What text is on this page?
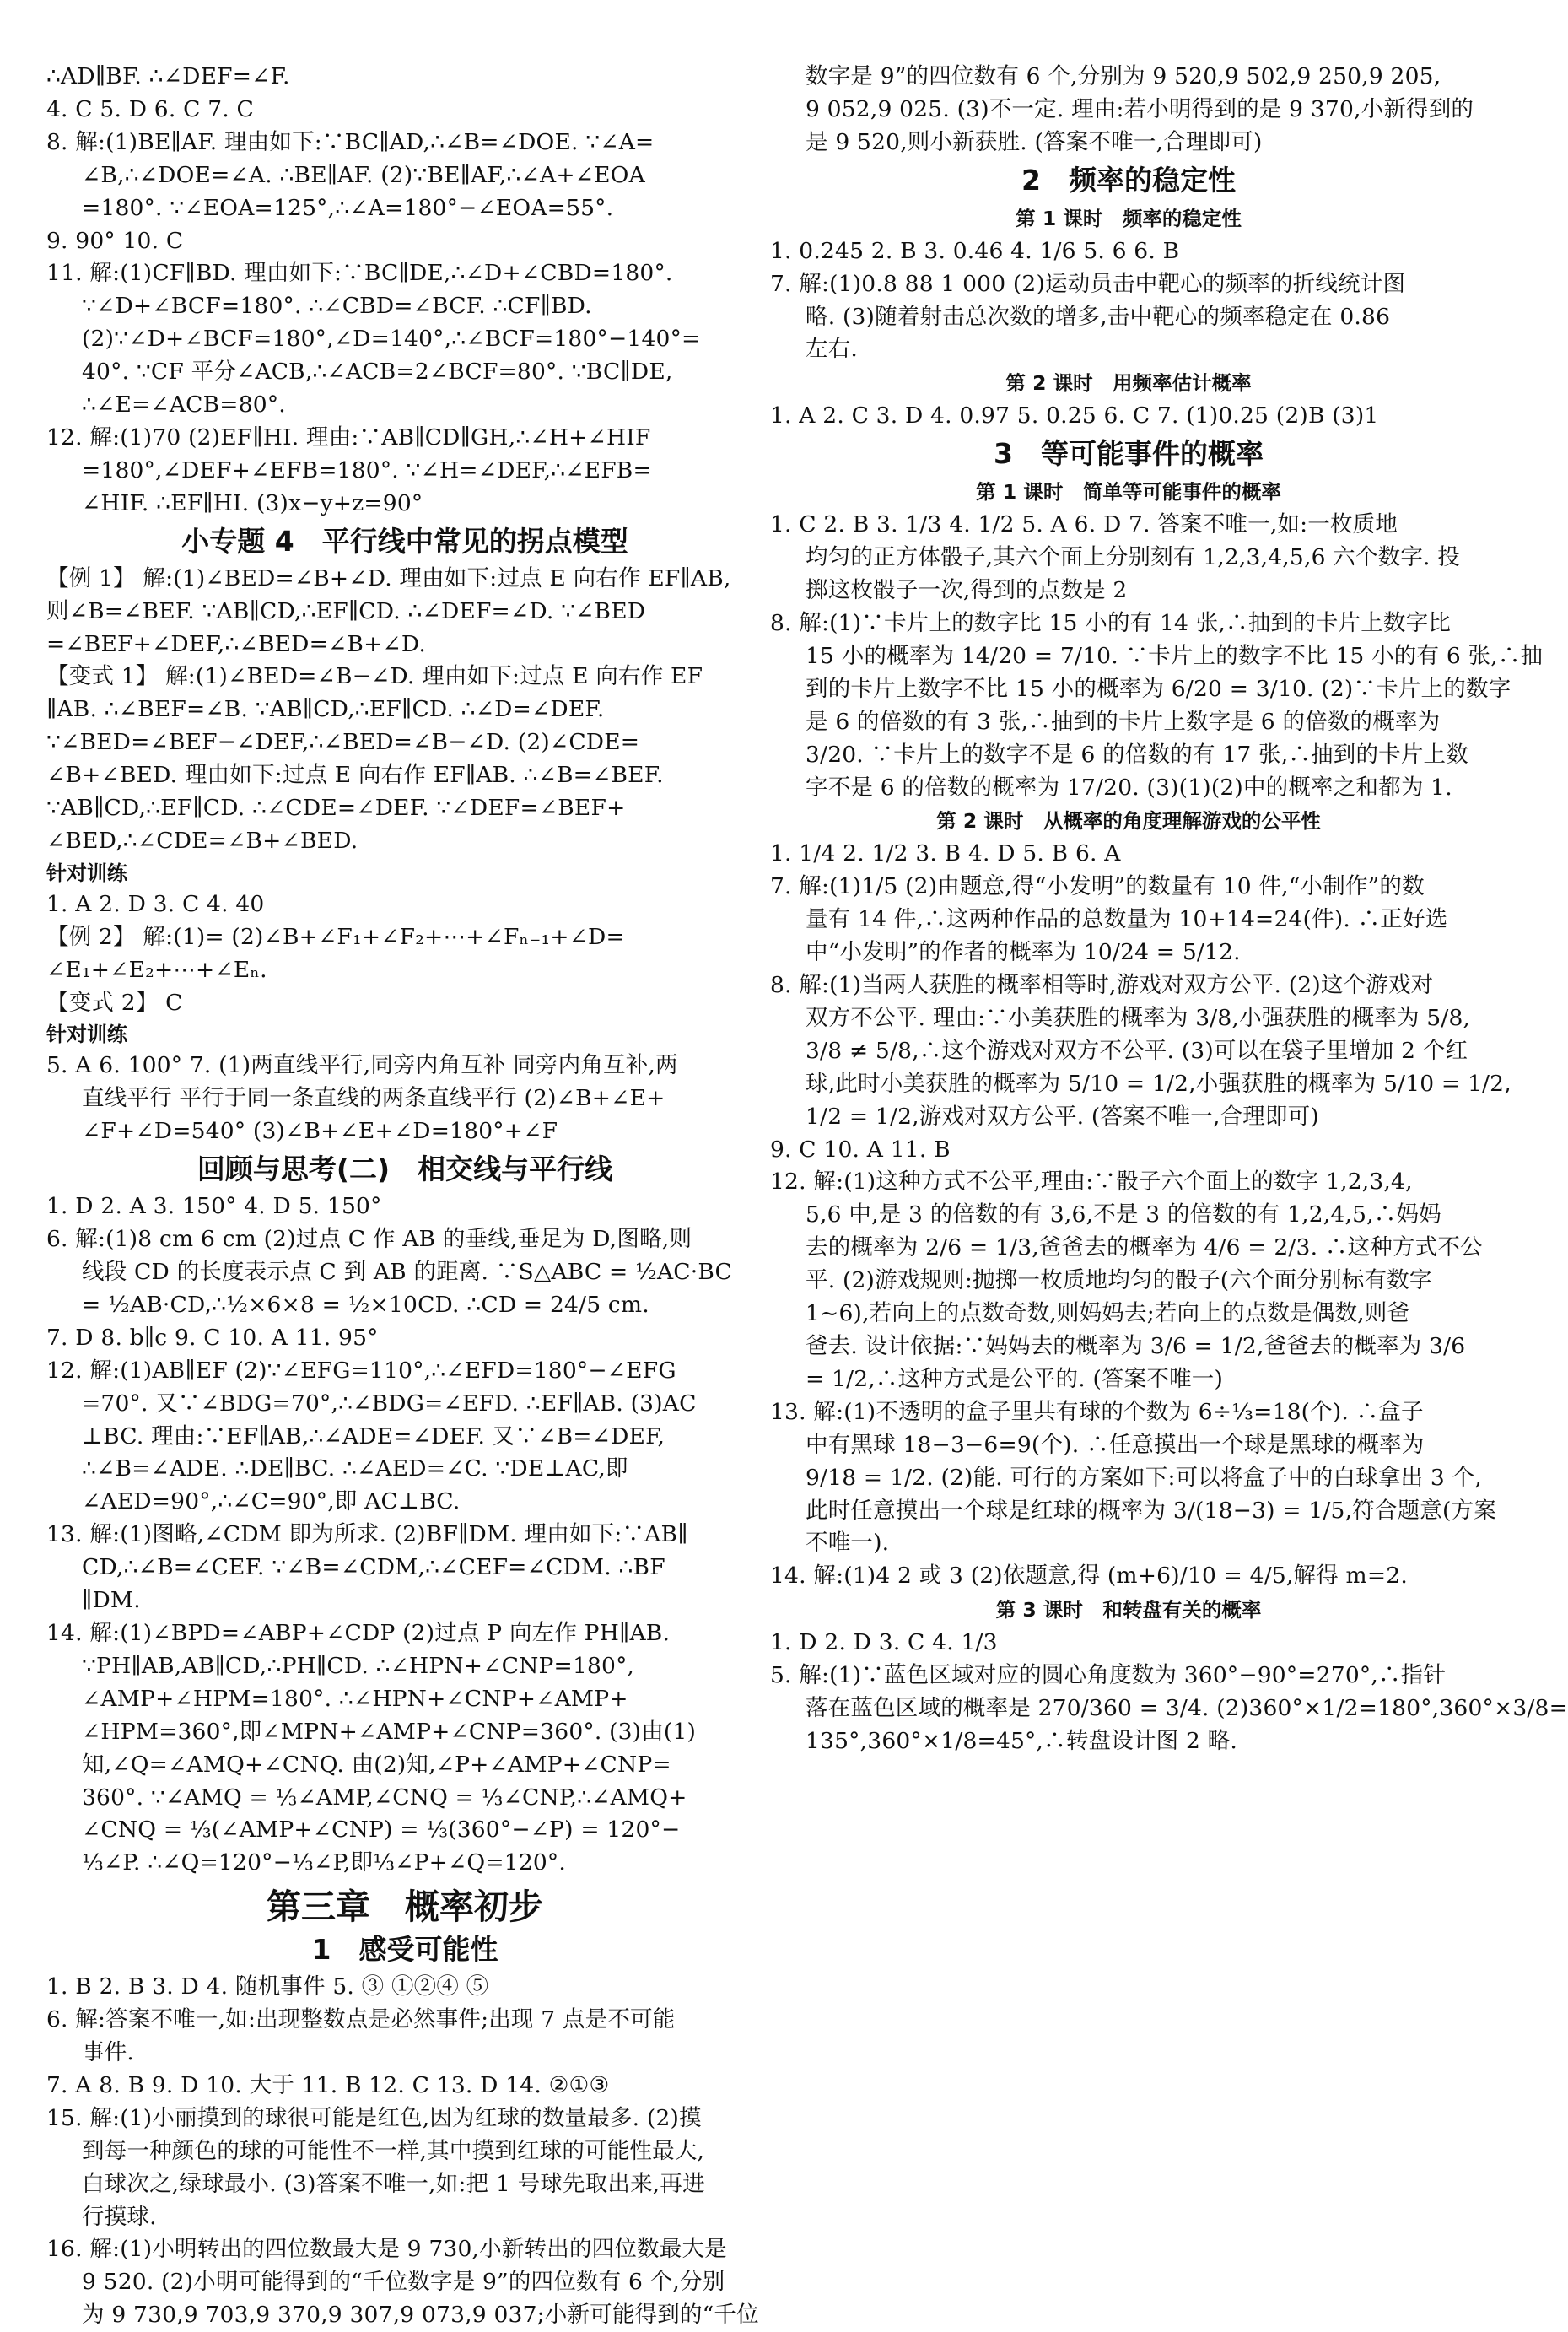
∴AD∥BF. ∴∠DEF=∠F.
4. C 5. D 6. C 7. C
8. 解:(1)BE∥AF. 理由如下:∵BC∥AD,∴∠B=∠DOE. ∵∠A=
∠B,∴∠DOE=∠A. ∴BE∥AF. (2)∵BE∥AF,∴∠A+∠EOA
=180°. ∵∠EOA=125°,∴∠A=180°−∠EOA=55°.
9. 90° 10. C
11. 解:(1)CF∥BD. 理由如下:∵BC∥DE,∴∠D+∠CBD=180°.
∵∠D+∠BCF=180°. ∴∠CBD=∠BCF. ∴CF∥BD.
(2)∵∠D+∠BCF=180°,∠D=140°,∴∠BCF=180°−140°=
40°. ∵CF 平分∠ACB,∴∠ACB=2∠BCF=80°. ∵BC∥DE,
∴∠E=∠ACB=80°.
12. 解:(1)70 (2)EF∥HI. 理由:∵AB∥CD∥GH,∴∠H+∠HIF
=180°,∠DEF+∠EFB=180°. ∵∠H=∠DEF,∴∠EFB=
∠HIF. ∴EF∥HI. (3)x−y+z=90°
小专题 4　平行线中常见的拐点模型
【例 1】 解:(1)∠BED=∠B+∠D. 理由如下:过点 E 向右作 EF∥AB,
则∠B=∠BEF. ∵AB∥CD,∴EF∥CD. ∴∠DEF=∠D. ∵∠BED
=∠BEF+∠DEF,∴∠BED=∠B+∠D.
【变式 1】 解:(1)∠BED=∠B−∠D. 理由如下:过点 E 向右作 EF
∥AB. ∴∠BEF=∠B. ∵AB∥CD,∴EF∥CD. ∴∠D=∠DEF.
∵∠BED=∠BEF−∠DEF,∴∠BED=∠B−∠D. (2)∠CDE=
∠B+∠BED. 理由如下:过点 E 向右作 EF∥AB. ∴∠B=∠BEF.
∵AB∥CD,∴EF∥CD. ∴∠CDE=∠DEF. ∵∠DEF=∠BEF+
∠BED,∴∠CDE=∠B+∠BED.
针对训练
1. A 2. D 3. C 4. 40
【例 2】 解:(1)= (2)∠B+∠F₁+∠F₂+⋯+∠Fₙ₋₁+∠D=
∠E₁+∠E₂+⋯+∠Eₙ.
【变式 2】 C
针对训练
5. A 6. 100° 7. (1)两直线平行,同旁内角互补 同旁内角互补,两
直线平行 平行于同一条直线的两条直线平行 (2)∠B+∠E+
∠F+∠D=540° (3)∠B+∠E+∠D=180°+∠F
回顾与思考(二)　相交线与平行线
1. D 2. A 3. 150° 4. D 5. 150°
6. 解:(1)8 cm 6 cm (2)过点 C 作 AB 的垂线,垂足为 D,图略,则
线段 CD 的长度表示点 C 到 AB 的距离. ∵S△ABC = ½AC·BC
= ½AB·CD,∴½×6×8 = ½×10CD. ∴CD = 24/5 cm.
7. D 8. b∥c 9. C 10. A 11. 95°
12. 解:(1)AB∥EF (2)∵∠EFG=110°,∴∠EFD=180°−∠EFG
=70°. 又∵∠BDG=70°,∴∠BDG=∠EFD. ∴EF∥AB. (3)AC
⊥BC. 理由:∵EF∥AB,∴∠ADE=∠DEF. 又∵∠B=∠DEF,
∴∠B=∠ADE. ∴DE∥BC. ∴∠AED=∠C. ∵DE⊥AC,即
∠AED=90°,∴∠C=90°,即 AC⊥BC.
13. 解:(1)图略,∠CDM 即为所求. (2)BF∥DM. 理由如下:∵AB∥
CD,∴∠B=∠CEF. ∵∠B=∠CDM,∴∠CEF=∠CDM. ∴BF
∥DM.
14. 解:(1)∠BPD=∠ABP+∠CDP (2)过点 P 向左作 PH∥AB.
∵PH∥AB,AB∥CD,∴PH∥CD. ∴∠HPN+∠CNP=180°,
∠AMP+∠HPM=180°. ∴∠HPN+∠CNP+∠AMP+
∠HPM=360°,即∠MPN+∠AMP+∠CNP=360°. (3)由(1)
知,∠Q=∠AMQ+∠CNQ. 由(2)知,∠P+∠AMP+∠CNP=
360°. ∵∠AMQ = ⅓∠AMP,∠CNQ = ⅓∠CNP,∴∠AMQ+
∠CNQ = ⅓(∠AMP+∠CNP) = ⅓(360°−∠P) = 120°−
⅓∠P. ∴∠Q=120°−⅓∠P,即⅓∠P+∠Q=120°.
第三章　概率初步
1　感受可能性
1. B 2. B 3. D 4. 随机事件 5. ③ ①②④ ⑤
6. 解:答案不唯一,如:出现整数点是必然事件;出现 7 点是不可能
事件.
7. A 8. B 9. D 10. 大于 11. B 12. C 13. D 14. ②①③
15. 解:(1)小丽摸到的球很可能是红色,因为红球的数量最多. (2)摸
到每一种颜色的球的可能性不一样,其中摸到红球的可能性最大,
白球次之,绿球最小. (3)答案不唯一,如:把 1 号球先取出来,再进
行摸球.
16. 解:(1)小明转出的四位数最大是 9 730,小新转出的四位数最大是
9 520. (2)小明可能得到的“千位数字是 9”的四位数有 6 个,分别
为 9 730,9 703,9 370,9 307,9 073,9 037;小新可能得到的“千位
数字是 9”的四位数有 6 个,分别为 9 520,9 502,9 250,9 205,
9 052,9 025. (3)不一定. 理由:若小明得到的是 9 370,小新得到的
是 9 520,则小新获胜. (答案不唯一,合理即可)
2　频率的稳定性
第 1 课时　频率的稳定性
1. 0.245 2. B 3. 0.46 4. 1/6 5. 6 6. B
7. 解:(1)0.8 88 1 000 (2)运动员击中靶心的频率的折线统计图
略. (3)随着射击总次数的增多,击中靶心的频率稳定在 0.86
左右.
第 2 课时　用频率估计概率
1. A 2. C 3. D 4. 0.97 5. 0.25 6. C 7. (1)0.25 (2)B (3)1
3　等可能事件的概率
第 1 课时　简单等可能事件的概率
1. C 2. B 3. 1/3 4. 1/2 5. A 6. D 7. 答案不唯一,如:一枚质地
均匀的正方体骰子,其六个面上分别刻有 1,2,3,4,5,6 六个数字. 投
掷这枚骰子一次,得到的点数是 2
8. 解:(1)∵卡片上的数字比 15 小的有 14 张,∴抽到的卡片上数字比
15 小的概率为 14/20 = 7/10. ∵卡片上的数字不比 15 小的有 6 张,∴抽
到的卡片上数字不比 15 小的概率为 6/20 = 3/10. (2)∵卡片上的数字
是 6 的倍数的有 3 张,∴抽到的卡片上数字是 6 的倍数的概率为
3/20. ∵卡片上的数字不是 6 的倍数的有 17 张,∴抽到的卡片上数
字不是 6 的倍数的概率为 17/20. (3)(1)(2)中的概率之和都为 1.
第 2 课时　从概率的角度理解游戏的公平性
1. 1/4 2. 1/2 3. B 4. D 5. B 6. A
7. 解:(1)1/5 (2)由题意,得“小发明”的数量有 10 件,“小制作”的数
量有 14 件,∴这两种作品的总数量为 10+14=24(件). ∴正好选
中“小发明”的作者的概率为 10/24 = 5/12.
8. 解:(1)当两人获胜的概率相等时,游戏对双方公平. (2)这个游戏对
双方不公平. 理由:∵小美获胜的概率为 3/8,小强获胜的概率为 5/8,
3/8 ≠ 5/8,∴这个游戏对双方不公平. (3)可以在袋子里增加 2 个红
球,此时小美获胜的概率为 5/10 = 1/2,小强获胜的概率为 5/10 = 1/2,
1/2 = 1/2,游戏对双方公平. (答案不唯一,合理即可)
9. C 10. A 11. B
12. 解:(1)这种方式不公平,理由:∵骰子六个面上的数字 1,2,3,4,
5,6 中,是 3 的倍数的有 3,6,不是 3 的倍数的有 1,2,4,5,∴妈妈
去的概率为 2/6 = 1/3,爸爸去的概率为 4/6 = 2/3. ∴这种方式不公
平. (2)游戏规则:抛掷一枚质地均匀的骰子(六个面分别标有数字
1~6),若向上的点数奇数,则妈妈去;若向上的点数是偶数,则爸
爸去. 设计依据:∵妈妈去的概率为 3/6 = 1/2,爸爸去的概率为 3/6
= 1/2,∴这种方式是公平的. (答案不唯一)
13. 解:(1)不透明的盒子里共有球的个数为 6÷⅓=18(个). ∴盒子
中有黑球 18−3−6=9(个). ∴任意摸出一个球是黑球的概率为
9/18 = 1/2. (2)能. 可行的方案如下:可以将盒子中的白球拿出 3 个,
此时任意摸出一个球是红球的概率为 3/(18−3) = 1/5,符合题意(方案
不唯一).
14. 解:(1)4 2 或 3 (2)依题意,得 (m+6)/10 = 4/5,解得 m=2.
第 3 课时　和转盘有关的概率
1. D 2. D 3. C 4. 1/3
5. 解:(1)∵蓝色区域对应的圆心角度数为 360°−90°=270°,∴指针
落在蓝色区域的概率是 270/360 = 3/4. (2)360°×1/2=180°,360°×3/8=
135°,360°×1/8=45°,∴转盘设计图 2 略.
